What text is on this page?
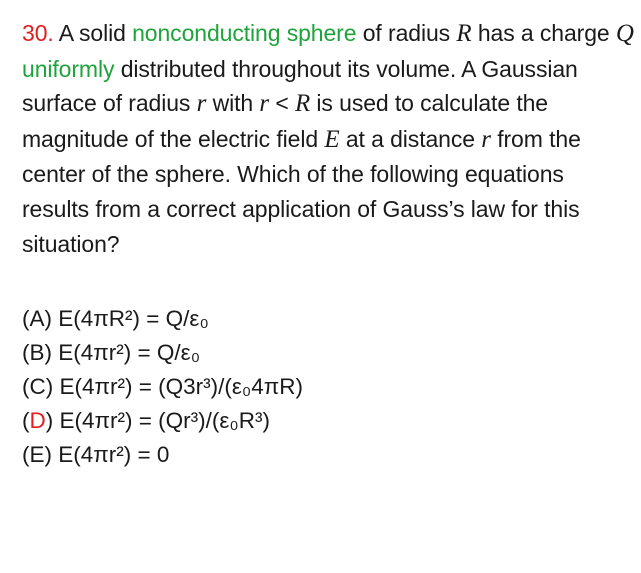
30. A solid nonconducting sphere of radius R has a charge Q uniformly distributed throughout its volume. A Gaussian surface of radius r with r < R is used to calculate the magnitude of the electric field E at a distance r from the center of the sphere. Which of the following equations results from a correct application of Gauss’s law for this situation?
(A) E(4πR²) = Q/ε₀
(B) E(4πr²) = Q/ε₀
(C) E(4πr²) = (Q3r³)/(ε₀4πR)
(D) E(4πr²) = (Qr³)/(ε₀R³)
(E) E(4πr²) = 0
